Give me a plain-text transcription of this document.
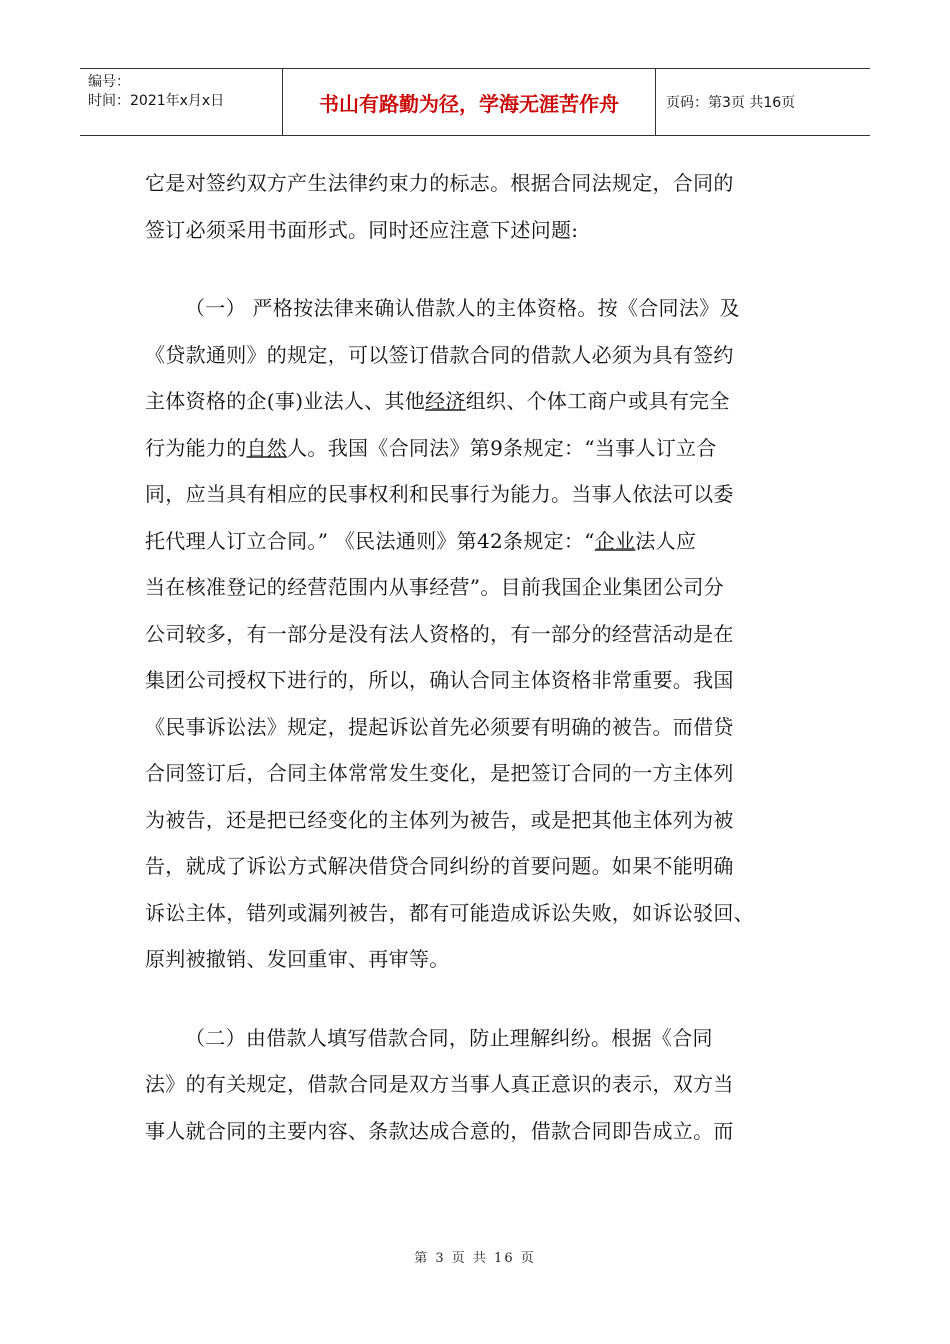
编号：
时间：2021年x月x日	书山有路勤为径，学海无涯苦作舟	页码：第3页 共16页

它是对签约双方产生法律约束力的标志。根据合同法规定，合同的
签订必须采用书面形式。同时还应注意下述问题:

（一） 严格按法律来确认借款人的主体资格。按《合同法》及
《贷款通则》的规定，可以签订借款合同的借款人必须为具有签约
主体资格的企(事)业法人、其他经济组织、个体工商户或具有完全
行为能力的自然人。我国《合同法》第9条规定：“当事人订立合
同，应当具有相应的民事权利和民事行为能力。当事人依法可以委
托代理人订立合同。” 《民法通则》第42条规定：“企业法人应
当在核准登记的经营范围内从事经营”。目前我国企业集团公司分
公司较多，有一部分是没有法人资格的，有一部分的经营活动是在
集团公司授权下进行的，所以，确认合同主体资格非常重要。我国
《民事诉讼法》规定，提起诉讼首先必须要有明确的被告。而借贷
合同签订后，合同主体常常发生变化，是把签订合同的一方主体列
为被告，还是把已经变化的主体列为被告，或是把其他主体列为被
告，就成了诉讼方式解决借贷合同纠纷的首要问题。如果不能明确
诉讼主体，错列或漏列被告，都有可能造成诉讼失败，如诉讼驳回、
原判被撤销、发回重审、再审等。

（二）由借款人填写借款合同，防止理解纠纷。根据《合同
法》的有关规定，借款合同是双方当事人真正意识的表示，双方当
事人就合同的主要内容、条款达成合意的，借款合同即告成立。而

第 3 页 共 16 页
